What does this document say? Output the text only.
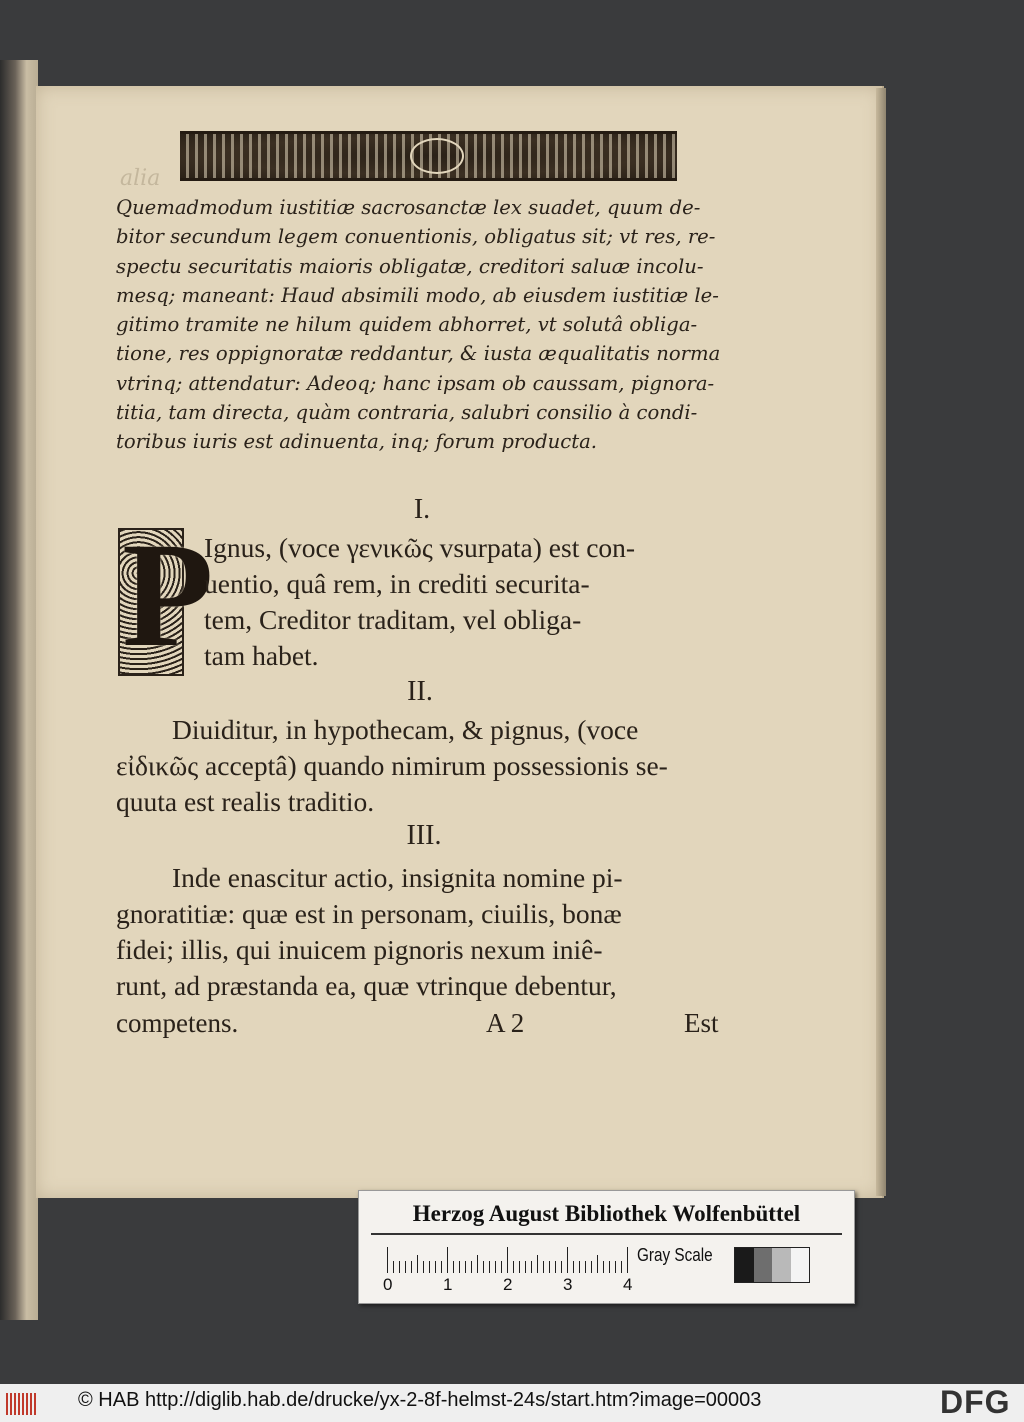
alia
Quemadmodum iustitiæ sacrosanctæ lex suadet, quum de-
bitor secundum legem conuentionis, obligatus sit; vt res, re-
spectu securitatis maioris obligatæ, creditori saluæ incolu-
mesq; maneant: Haud absimili modo, ab eiusdem iustitiæ le-
gitimo tramite ne hilum quidem abhorret, vt solutâ obliga-
tione, res oppignoratæ reddantur, & iusta æqualitatis norma
vtrinq; attendatur: Adeoq; hanc ipsam ob caussam, pignora-
titia, tam directa, quàm contraria, salubri consilio à condi-
toribus iuris est adinuenta, inq; forum producta.
I.
P
Ignus, (voce γενικῶς vsurpata) est con-
uentio, quâ rem, in crediti securita-
tem, Creditor traditam, vel obliga-
tam habet.
II.
Diuiditur, in hypothecam, & pignus, (voce
εἰδικῶς acceptâ) quando nimirum possessionis se-
quuta est realis traditio.
III.
Inde enascitur actio, insignita nomine pi-
gnoratitiæ: quæ est in personam, ciuilis, bonæ
fidei; illis, qui inuicem pignoris nexum iniê-
runt, ad præstanda ea, quæ vtrinque debentur,
competens.	A 2	Est
Herzog August Bibliothek Wolfenbüttel
0	1	2	3	4
Gray Scale
© HAB http://diglib.hab.de/drucke/yx-2-8f-helmst-24s/start.htm?image=00003	DFG
